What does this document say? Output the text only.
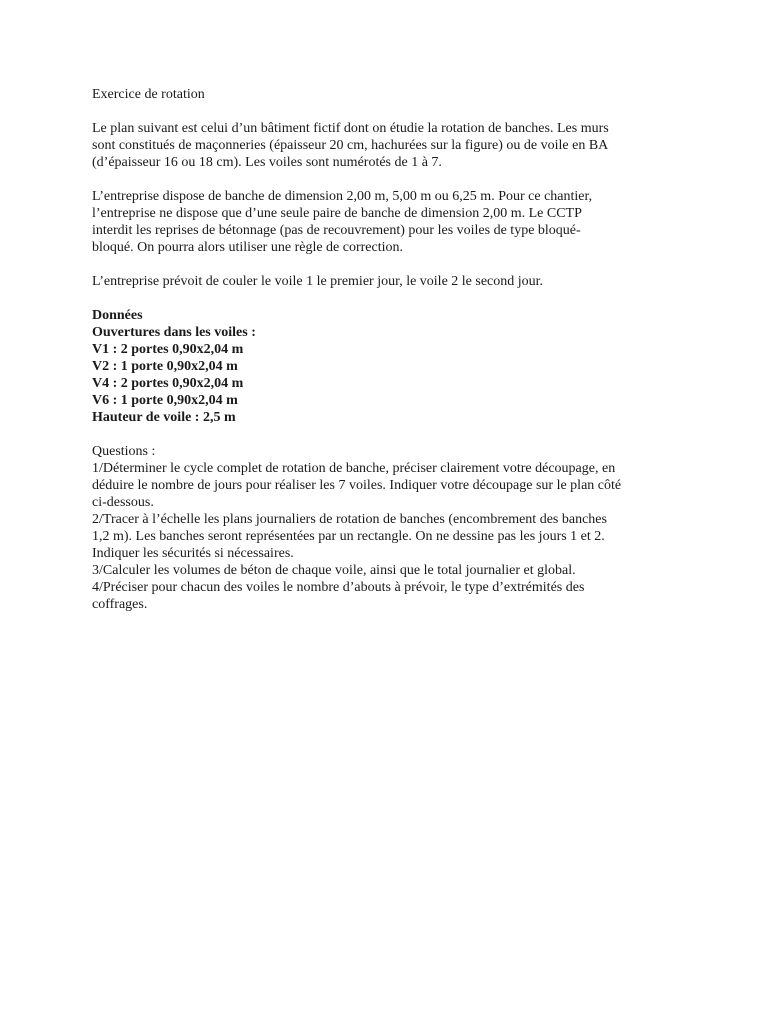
Exercice de rotation

Le plan suivant est celui d’un bâtiment fictif dont on étudie la rotation de banches. Les murs
sont constitués de maçonneries (épaisseur 20 cm, hachurées sur la figure) ou de voile en BA
(d’épaisseur 16 ou 18 cm). Les voiles sont numérotés de 1 à 7.

L’entreprise dispose de banche de dimension 2,00 m, 5,00 m ou 6,25 m. Pour ce chantier,
l’entreprise ne dispose que d’une seule paire de banche de dimension 2,00 m. Le CCTP
interdit les reprises de bétonnage (pas de recouvrement) pour les voiles de type bloqué-
bloqué. On pourra alors utiliser une règle de correction.

L’entreprise prévoit de couler le voile 1 le premier jour, le voile 2 le second jour.

Données
Ouvertures dans les voiles :
V1 : 2 portes 0,90x2,04 m
V2 : 1 porte 0,90x2,04 m
V4 : 2 portes 0,90x2,04 m
V6 : 1 porte 0,90x2,04 m
Hauteur de voile : 2,5 m
Questions :
1/Déterminer le cycle complet de rotation de banche, préciser clairement votre découpage, en
déduire le nombre de jours pour réaliser les 7 voiles. Indiquer votre découpage sur le plan côté
ci-dessous.
2/Tracer à l’échelle les plans journaliers de rotation de banches (encombrement des banches
1,2 m). Les banches seront représentées par un rectangle. On ne dessine pas les jours 1 et 2.
Indiquer les sécurités si nécessaires.
3/Calculer les volumes de béton de chaque voile, ainsi que le total journalier et global.
4/Préciser pour chacun des voiles le nombre d’abouts à prévoir, le type d’extrémités des
coffrages.
